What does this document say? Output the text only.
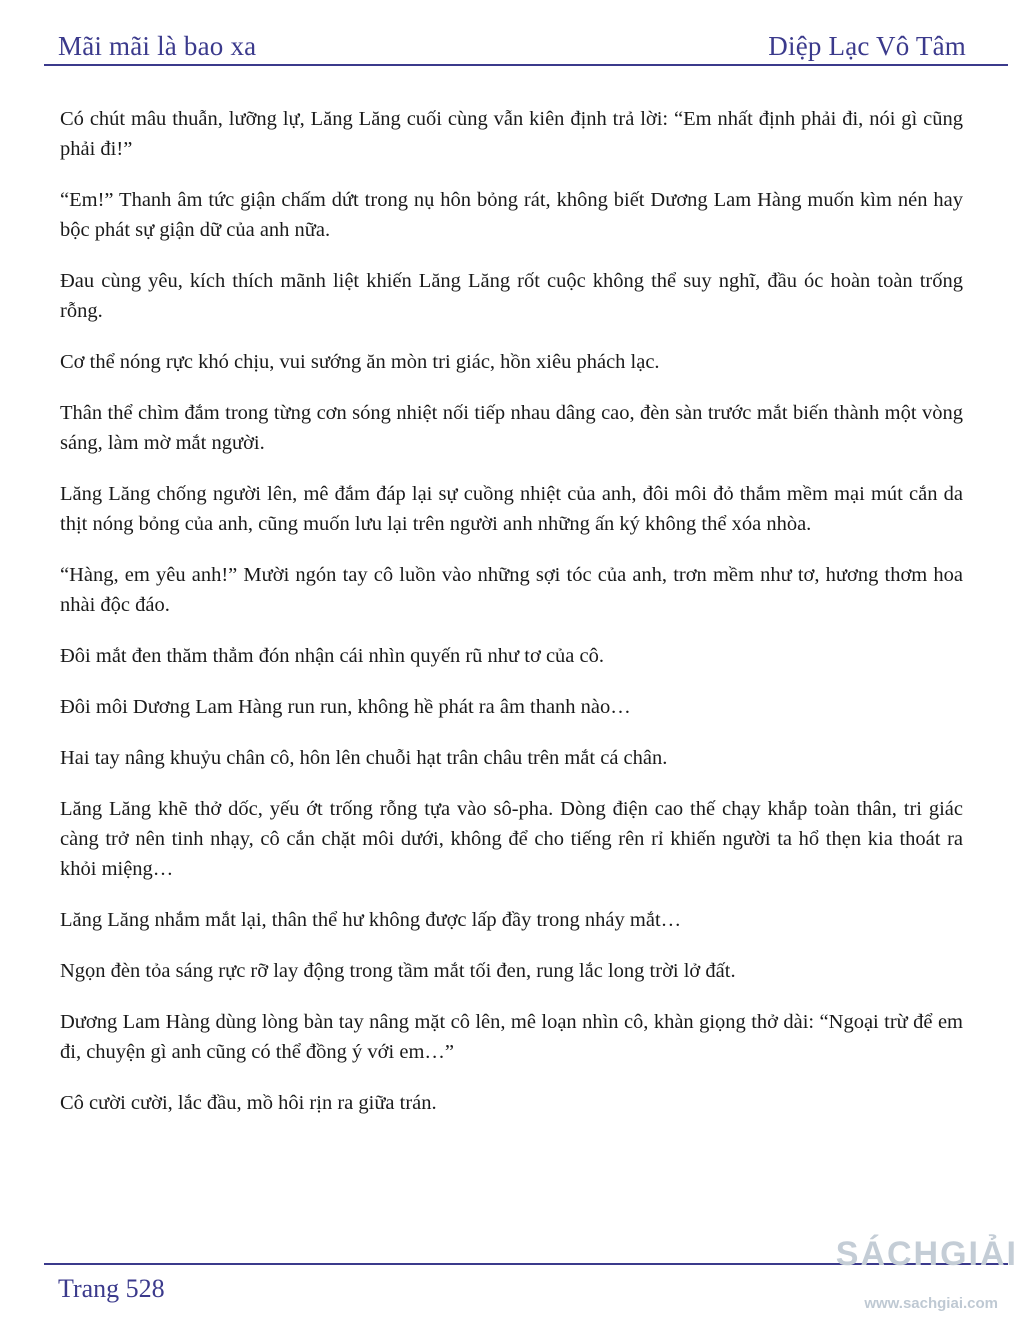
Mãi mãi là bao xa	Diệp Lạc Vô Tâm

Có chút mâu thuẫn, lưỡng lự, Lăng Lăng cuối cùng vẫn kiên định trả lời: “Em nhất định phải đi, nói gì cũng phải đi!”

“Em!” Thanh âm tức giận chấm dứt trong nụ hôn bỏng rát, không biết Dương Lam Hàng muốn kìm nén hay bộc phát sự giận dữ của anh nữa.

Đau cùng yêu, kích thích mãnh liệt khiến Lăng Lăng rốt cuộc không thể suy nghĩ, đầu óc hoàn toàn trống rỗng.

Cơ thể nóng rực khó chịu, vui sướng ăn mòn tri giác, hồn xiêu phách lạc.

Thân thể chìm đắm trong từng cơn sóng nhiệt nối tiếp nhau dâng cao, đèn sàn trước mắt biến thành một vòng sáng, làm mờ mắt người.

Lăng Lăng chống người lên, mê đắm đáp lại sự cuồng nhiệt của anh, đôi môi đỏ thắm mềm mại mút cắn da thịt nóng bỏng của anh, cũng muốn lưu lại trên người anh những ấn ký không thể xóa nhòa.

“Hàng, em yêu anh!” Mười ngón tay cô luồn vào những sợi tóc của anh, trơn mềm như tơ, hương thơm hoa nhài độc đáo.

Đôi mắt đen thăm thẳm đón nhận cái nhìn quyến rũ như tơ của cô.

Đôi môi Dương Lam Hàng run run, không hề phát ra âm thanh nào…

Hai tay nâng khuỷu chân cô, hôn lên chuỗi hạt trân châu trên mắt cá chân.

Lăng Lăng khẽ thở dốc, yếu ớt trống rỗng tựa vào sô-pha. Dòng điện cao thế chạy khắp toàn thân, tri giác càng trở nên tinh nhạy, cô cắn chặt môi dưới, không để cho tiếng rên rỉ khiến người ta hổ thẹn kia thoát ra khỏi miệng…

Lăng Lăng nhắm mắt lại, thân thể hư không được lấp đầy trong nháy mắt…

Ngọn đèn tỏa sáng rực rỡ lay động trong tầm mắt tối đen, rung lắc long trời lở đất.

Dương Lam Hàng dùng lòng bàn tay nâng mặt cô lên, mê loạn nhìn cô, khàn giọng thở dài: “Ngoại trừ để em đi, chuyện gì anh cũng có thể đồng ý với em…”

Cô cười cười, lắc đầu, mồ hôi rịn ra giữa trán.

Trang 528
SÁCHGIẢI
www.sachgiai.com
